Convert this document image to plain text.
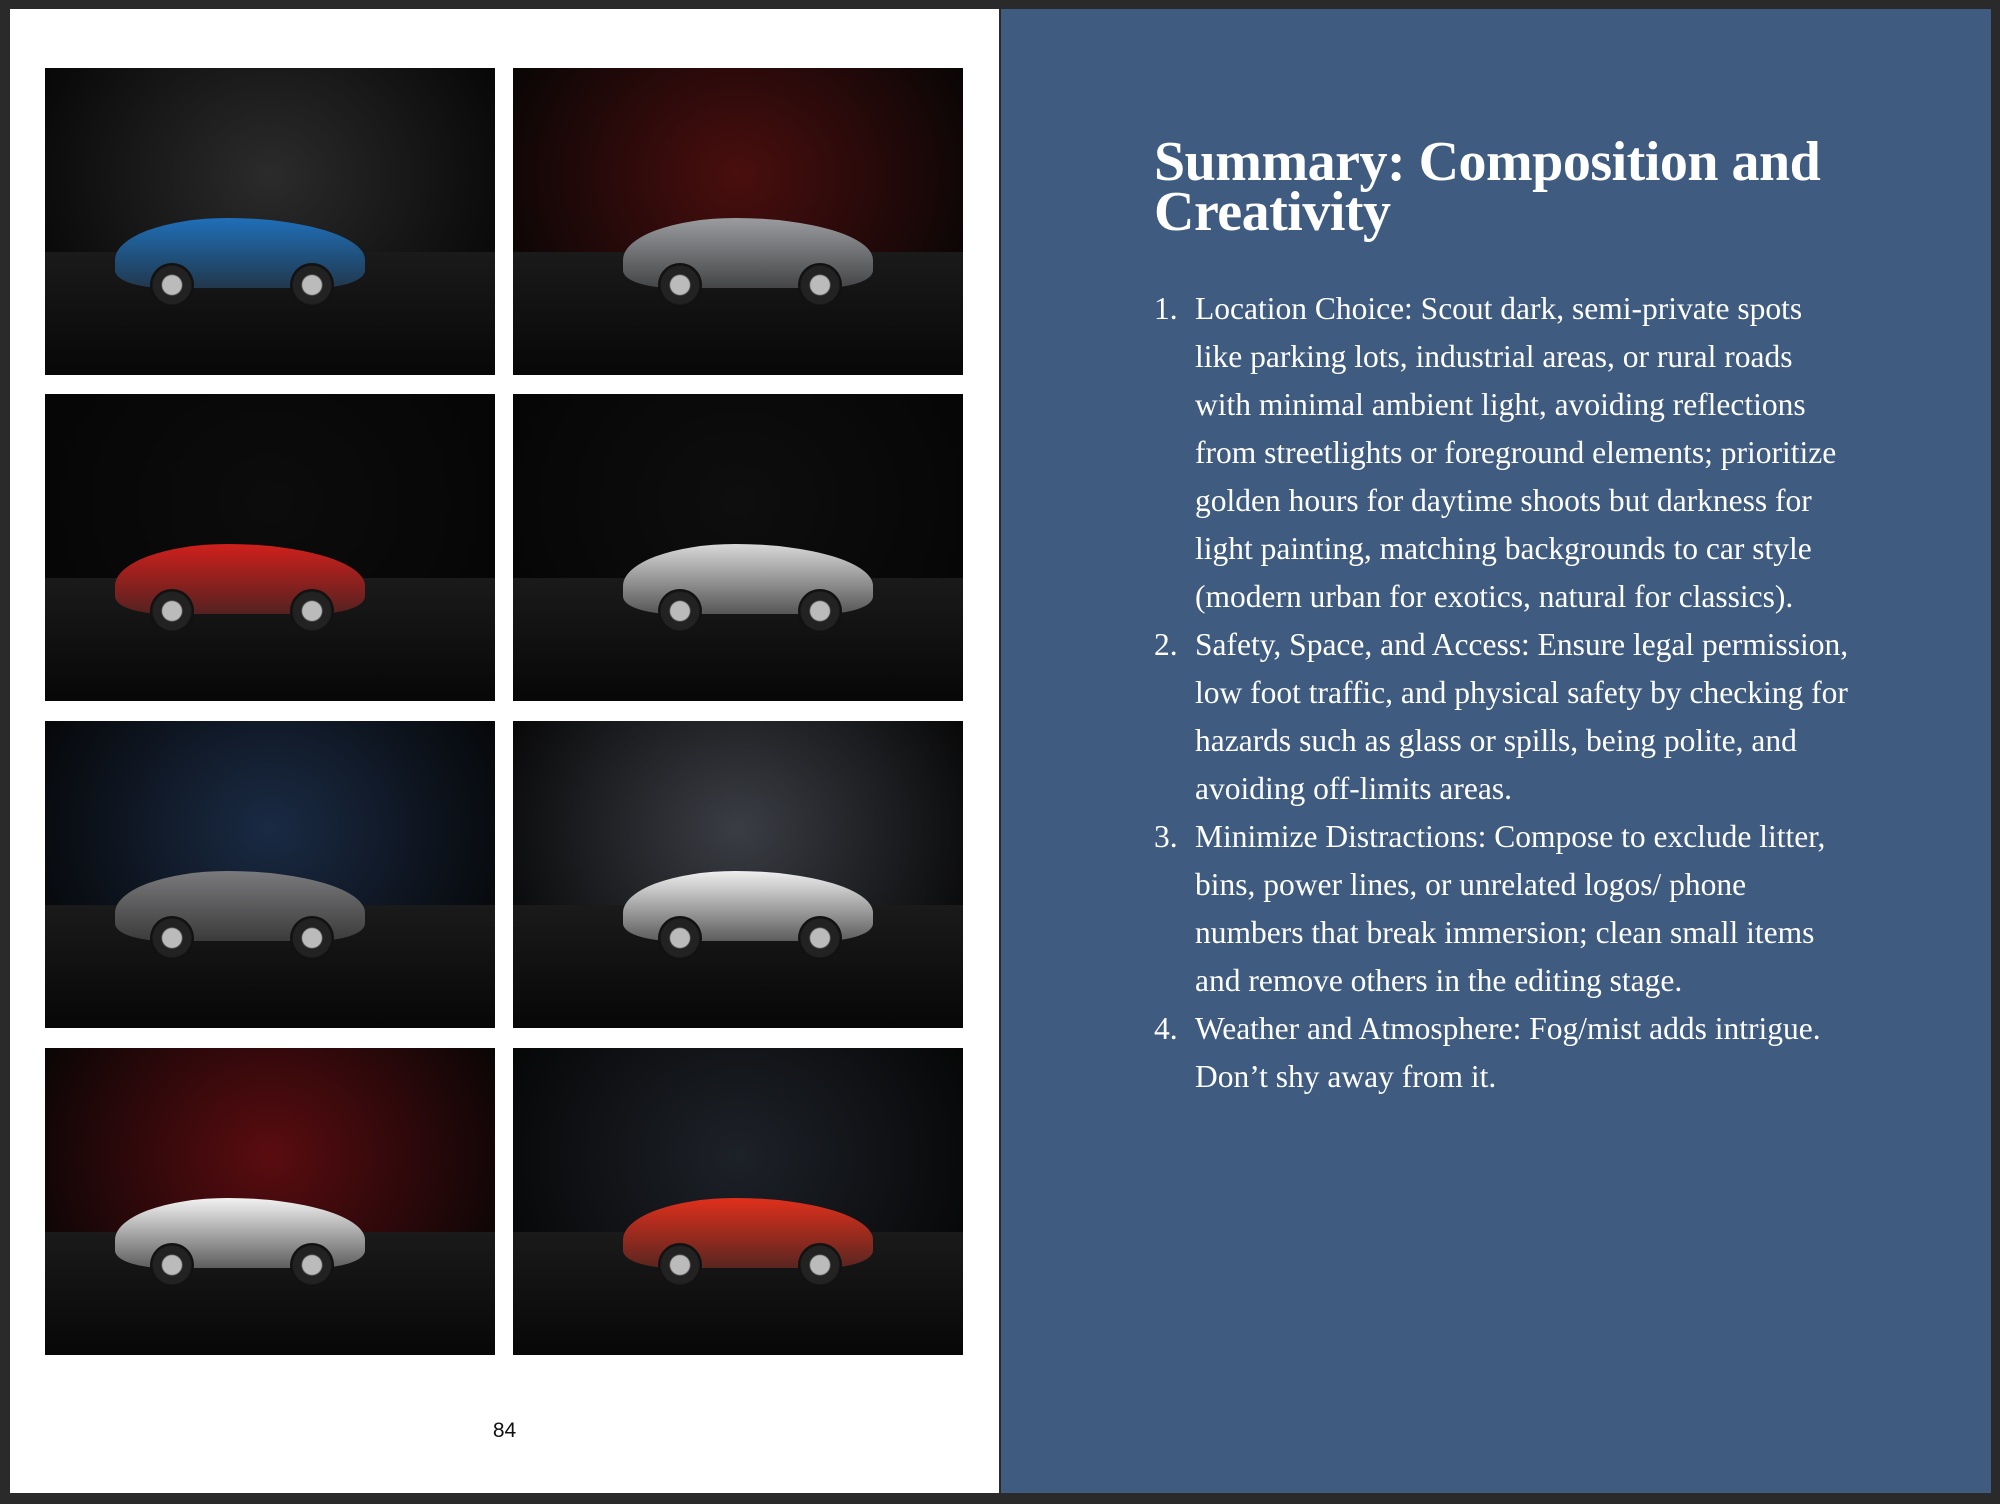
84
Summary: Composition and Creativity
1. Location Choice: Scout dark, semi-private spots like parking lots, industrial areas, or rural roads with minimal ambient light, avoiding reflections from streetlights or foreground elements; prioritize golden hours for daytime shoots but darkness for light painting, matching backgrounds to car style (modern urban for exotics, natural for classics).
2. Safety, Space, and Access: Ensure legal permission, low foot traffic, and physical safety by checking for hazards such as glass or spills, being polite, and avoiding off-limits areas.
3. Minimize Distractions: Compose to exclude litter, bins, power lines, or unrelated logos/ phone numbers that break immersion; clean small items and remove others in the editing stage.
4. Weather and Atmosphere: Fog/mist adds intrigue. Don’t shy away from it.
